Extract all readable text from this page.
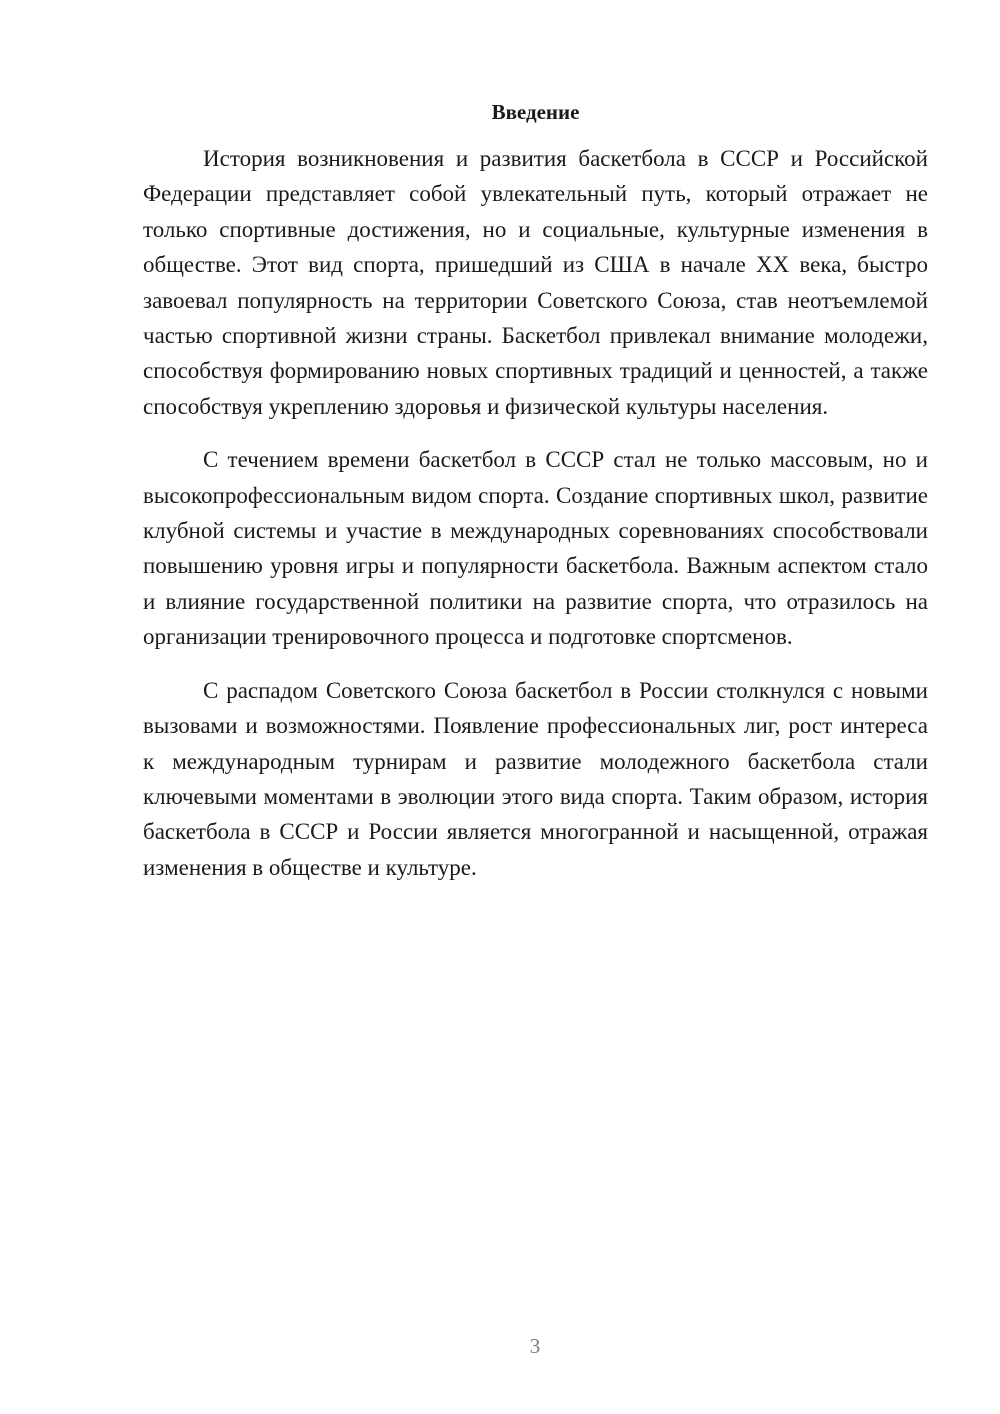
Введение

История возникновения и развития баскетбола в СССР и Российской Федерации представляет собой увлекательный путь, который отражает не только спортивные достижения, но и социальные, культурные изменения в обществе. Этот вид спорта, пришедший из США в начале XX века, быстро завоевал популярность на территории Советского Союза, став неотъемлемой частью спортивной жизни страны. Баскетбол привлекал внимание молодежи, способствуя формированию новых спортивных традиций и ценностей, а также способствуя укреплению здоровья и физической культуры населения.

С течением времени баскетбол в СССР стал не только массовым, но и высокопрофессиональным видом спорта. Создание спортивных школ, развитие клубной системы и участие в международных соревнованиях способствовали повышению уровня игры и популярности баскетбола. Важным аспектом стало и влияние государственной политики на развитие спорта, что отразилось на организации тренировочного процесса и подготовке спортсменов.

С распадом Советского Союза баскетбол в России столкнулся с новыми вызовами и возможностями. Появление профессиональных лиг, рост интереса к международным турнирам и развитие молодежного баскетбола стали ключевыми моментами в эволюции этого вида спорта. Таким образом, история баскетбола в СССР и России является многогранной и насыщенной, отражая изменения в обществе и культуре.

3
